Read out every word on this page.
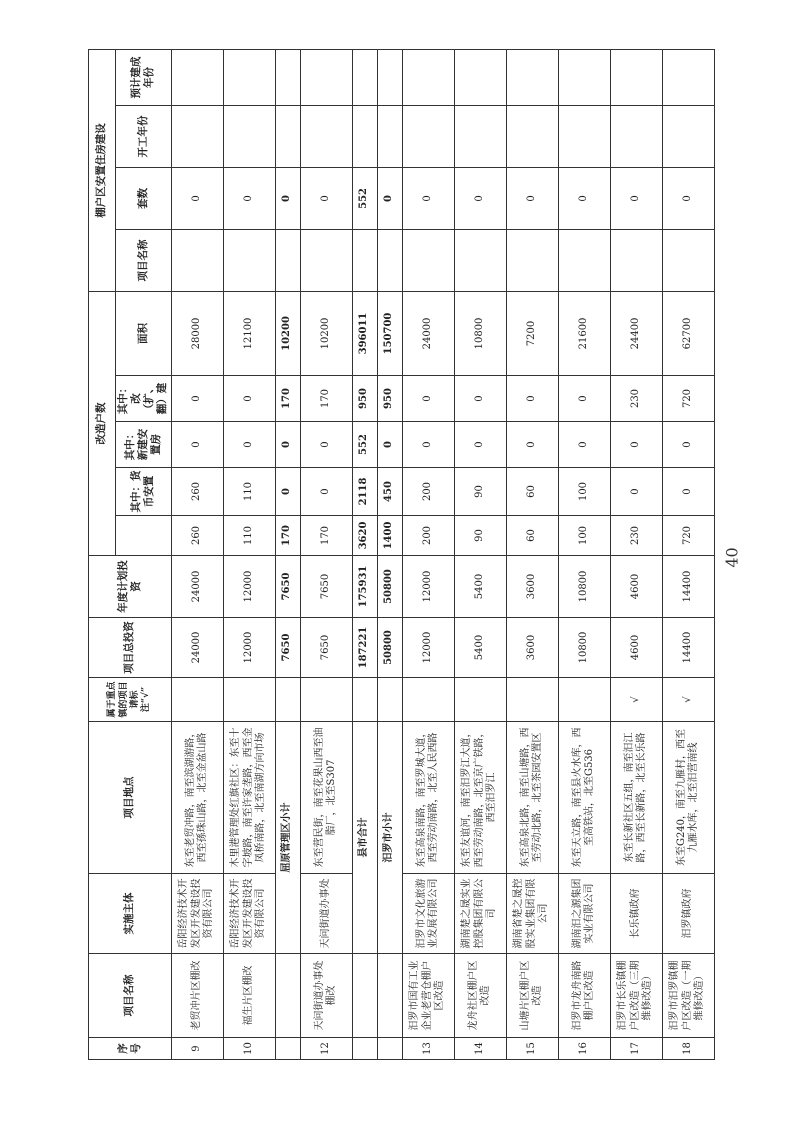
序号	项目名称	实施主体	项目地点	属于重点镇的项目请标注“√”	项目总投资	年度计划投资	改造户数					棚户区安置住房建设			
								其中：货币安置	其中：新建安置房	其中：改（扩、翻）建	面积	项目名称	套数	开工年份	预计建成年份

9	老贸冲片区棚改	岳阳经济技术开发区开发建设投资有限公司	东至老贸冲路，南至滨湖游路，西至孫珠山路，北至金盆山路		24000	24000	260	260	0	0	28000		0		
10	福生片区棚改	岳阳经济技术开发区开发建设投资有限公司	木里港管理处红旗社区：东至十字坡路，南至许家垄路，西至金凤桥南路，北至南湖方向市场		12000	12000	110	110	0	0	12100		0		
		屈原管理区小计			7650	7650	170	0	0	170	10200		0		
12	天问街道办事处棚改	天问街道办事处	东至营民街，南至花果山西至油脂厂，北至S307		7650	7650	170	0	0	170	10200		0		
		县市合计			187221	175931	3620	2118	552	950	396011		552		
		汨罗市小计			50800	50800	1400	450	0	950	150700		0		
13	汨罗市国有工业企业老营仓棚户区改造	汨罗市文化旅游业发展有限公司	东至高泉南路，南至罗城大道，西至劳动南路，北至人民西路		12000	12000	200	200	0	0	24000		0		
14	龙舟社区棚户区改造	湖南楚之晟实业控股集团有限公司	东至友谊河，南至汨罗江大道，西至劳动南路，北至京广铁路，西至汨罗江		5400	5400	90	90	0	0	10800		0		
15	山塘片区棚户区改造	湖南省楚之晟控股实业集团有限公司	东至高泉北路，南至山塘路，西至劳动北路，北至茶园安置区		3600	3600	60	60	0	0	7200		0		
16	汨罗市龙舟南路棚户区改造	湖南汨之源集团实业有限公司	东至天立路，南至县火水库，西至高铁站，北至G536		10800	10800	100	100	0	0	21600		0		
17	汨罗市长乐镇棚户区改造（三期维修改造）	长乐镇政府	东至长新社区五组，南至汨江路，西至长新路，北至长乐路	√	4600	4600	230	0	0	230	24400		0		
18	汨罗市汨罗镇棚户区改造（一期维修改造）	汨罗镇政府	东至G240，南至九雁村，西至九雁水库，北至汨营南线	√	14400	14400	720	0	0	720	62700		0		
40
